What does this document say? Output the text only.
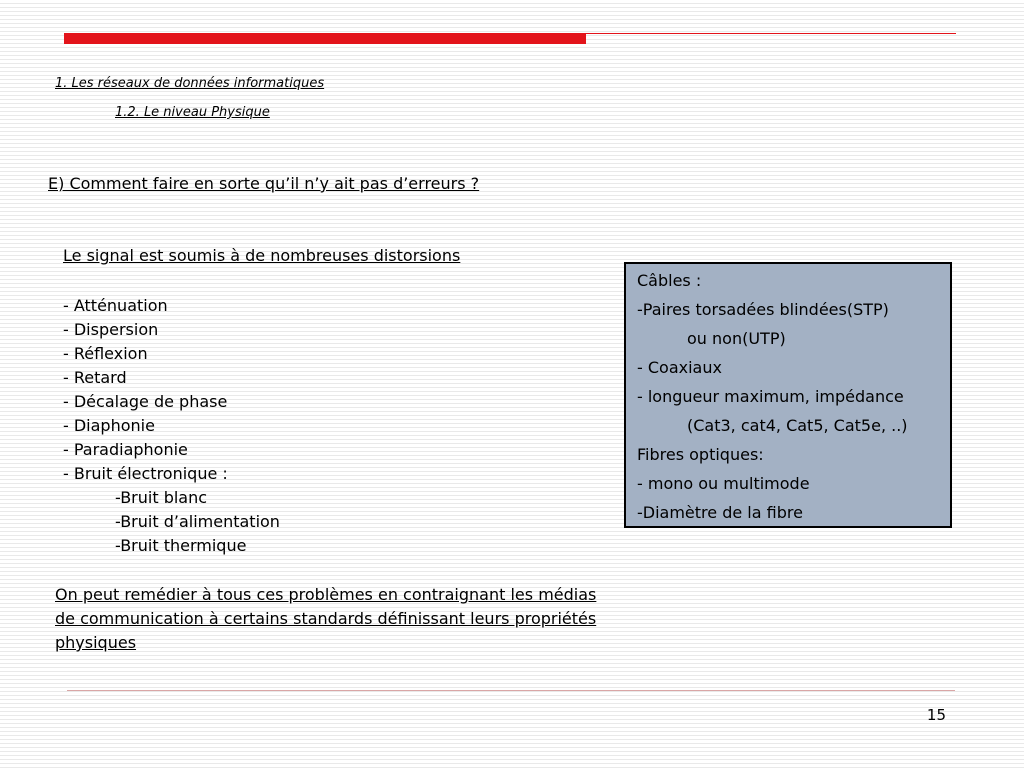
1. Les réseaux de données informatiques
1.2. Le niveau Physique
E) Comment faire en sorte qu’il n’y ait pas d’erreurs ?
Le signal est soumis à de nombreuses distorsions
- Atténuation
- Dispersion
- Réflexion
- Retard
- Décalage de phase
- Diaphonie
- Paradiaphonie
- Bruit électronique :
-Bruit blanc
-Bruit d’alimentation
-Bruit thermique
Câbles :
-Paires torsadées blindées(STP)
ou non(UTP)
- Coaxiaux
- longueur maximum, impédance
(Cat3, cat4, Cat5, Cat5e, ..)
Fibres optiques:
- mono ou multimode
-Diamètre de la fibre

On peut remédier à tous ces problèmes en contraignant les médias
de communication à certains standards définissant leurs propriétés
physiques

15
